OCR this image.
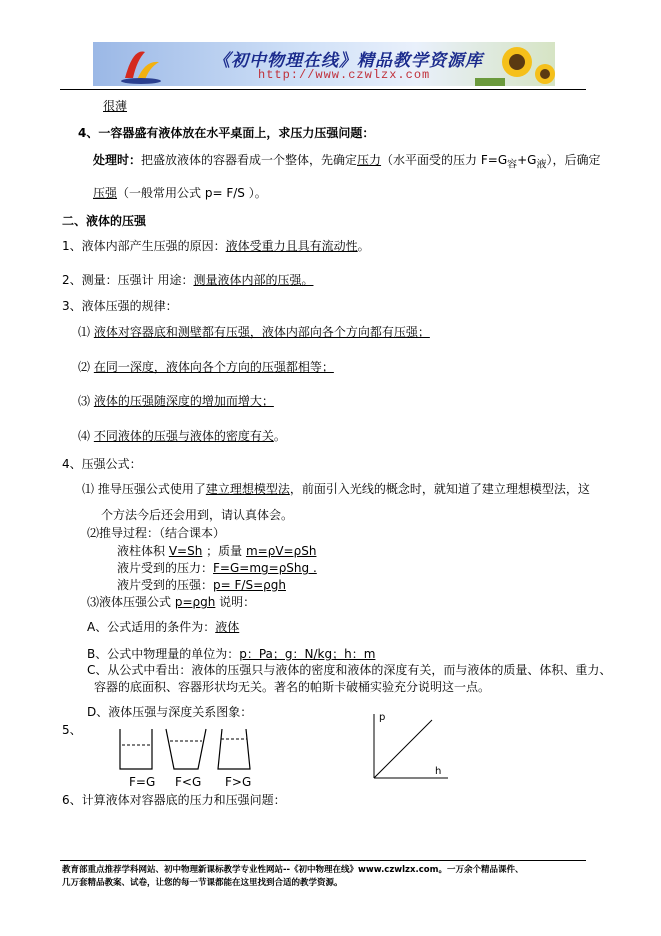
《初中物理在线》精品教学资源库
http://www.czwlzx.com
很薄
4、一容器盛有液体放在水平桌面上，求压力压强问题：
处理时：把盛放液体的容器看成一个整体，先确定压力（水平面受的压力 $F=G_容+G_液$），后确定
压强（一般常用公式 p= F/S ）。
二、液体的压强
1、液体内部产生压强的原因：液体受重力且具有流动性。
2、测量：压强计 用途：测量液体内部的压强。
3、液体压强的规律：
⑴ 液体对容器底和测壁都有压强，液体内部向各个方向都有压强；
⑵ 在同一深度，液体向各个方向的压强都相等；
⑶ 液体的压强随深度的增加而增大；
⑷ 不同液体的压强与液体的密度有关。
4、压强公式：
⑴ 推导压强公式使用了建立理想模型法，前面引入光线的概念时，就知道了建立理想模型法，这
个方法今后还会用到，请认真体会。
⑵推导过程：（结合课本）
液柱体积 V=Sh ；质量 m=ρV=ρSh
液片受到的压力：F=G=mg=ρShg .
液片受到的压强：p= F/S=ρgh
⑶液体压强公式 p=ρgh 说明：
A、公式适用的条件为：液体
B、公式中物理量的单位为：p：Pa；g：N/kg；h：m
C、从公式中看出：液体的压强只与液体的密度和液体的深度有关，而与液体的质量、体积、重力、
容器的底面积、容器形状均无关。著名的帕斯卡破桶实验充分说明这一点。
D、液体压强与深度关系图象：
5、
F=G F<G F>G
p
h
6、计算液体对容器底的压力和压强问题：
教育部重点推荐学科网站、初中物理新课标教学专业性网站--《初中物理在线》www.czwlzx.com。一万余个精品课件、
几万套精品教案、试卷，让您的每一节课都能在这里找到合适的教学资源。
